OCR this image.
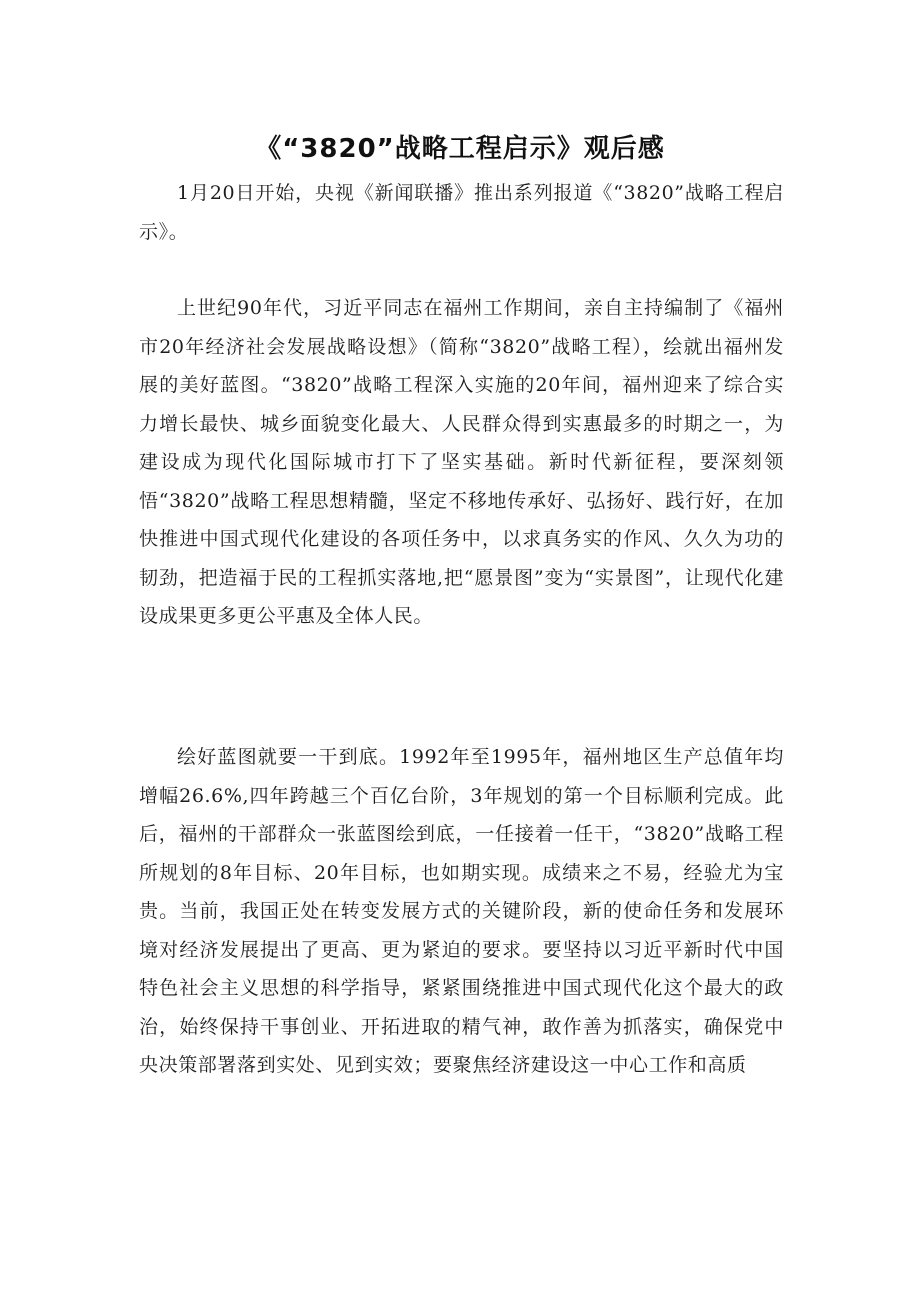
《“3820”战略工程启示》观后感

1月20日开始，央视《新闻联播》推出系列报道《“3820”战略工程启示》。

上世纪90年代，习近平同志在福州工作期间，亲自主持编制了《福州市20年经济社会发展战略设想》（简称“3820”战略工程），绘就出福州发展的美好蓝图。“3820”战略工程深入实施的20年间，福州迎来了综合实力增长最快、城乡面貌变化最大、人民群众得到实惠最多的时期之一，为建设成为现代化国际城市打下了坚实基础。新时代新征程，要深刻领悟“3820”战略工程思想精髓，坚定不移地传承好、弘扬好、践行好，在加快推进中国式现代化建设的各项任务中，以求真务实的作风、久久为功的韧劲，把造福于民的工程抓实落地,把“愿景图”变为“实景图”，让现代化建设成果更多更公平惠及全体人民。

绘好蓝图就要一干到底。1992年至1995年，福州地区生产总值年均增幅26.6%,四年跨越三个百亿台阶，3年规划的第一个目标顺利完成。此后，福州的干部群众一张蓝图绘到底，一任接着一任干，“3820”战略工程所规划的8年目标、20年目标，也如期实现。成绩来之不易，经验尤为宝贵。当前，我国正处在转变发展方式的关键阶段，新的使命任务和发展环境对经济发展提出了更高、更为紧迫的要求。要坚持以习近平新时代中国特色社会主义思想的科学指导，紧紧围绕推进中国式现代化这个最大的政治，始终保持干事创业、开拓进取的精气神，敢作善为抓落实，确保党中央决策部署落到实处、见到实效；要聚焦经济建设这一中心工作和高质
